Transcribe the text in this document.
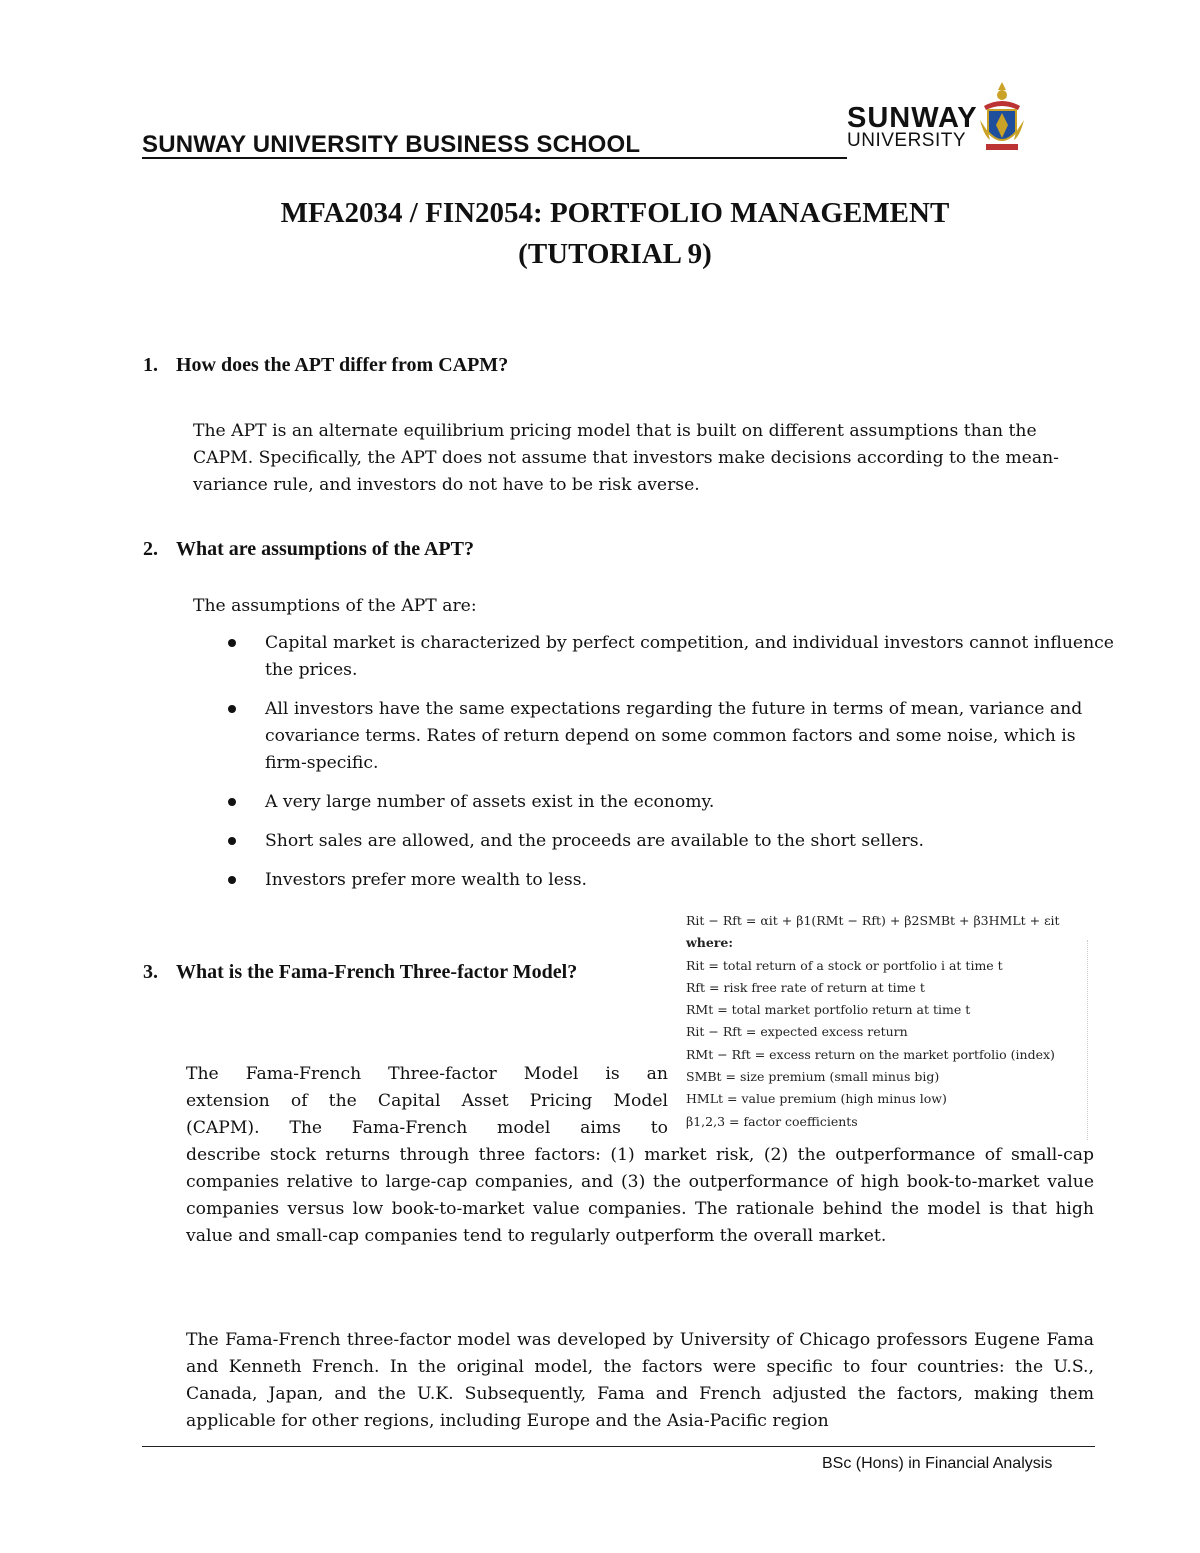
SUNWAY UNIVERSITY BUSINESS SCHOOL
SUNWAY
UNIVERSITY
MFA2034 / FIN2054: PORTFOLIO MANAGEMENT
(TUTORIAL 9)
1. How does the APT differ from CAPM?
The APT is an alternate equilibrium pricing model that is built on different assumptions than the CAPM. Specifically, the APT does not assume that investors make decisions according to the mean-variance rule, and investors do not have to be risk averse.
2. What are assumptions of the APT?
The assumptions of the APT are:
Capital market is characterized by perfect competition, and individual investors cannot influence the prices.
All investors have the same expectations regarding the future in terms of mean, variance and covariance terms. Rates of return depend on some common factors and some noise, which is firm-specific.
A very large number of assets exist in the economy.
Short sales are allowed, and the proceeds are available to the short sellers.
Investors prefer more wealth to less.
3. What is the Fama-French Three-factor Model?
Rit − Rft = αit + β1(RMt − Rft) + β2SMBt + β3HMLt + εit
where:
Rit = total return of a stock or portfolio i at time t
Rft = risk free rate of return at time t
RMt = total market portfolio return at time t
Rit − Rft = expected excess return
RMt − Rft = excess return on the market portfolio (index)
SMBt = size premium (small minus big)
HMLt = value premium (high minus low)
β1,2,3 = factor coefficients
The Fama-French Three-factor Model is an
extension of the Capital Asset Pricing Model
(CAPM). The Fama-French model aims to
describe stock returns through three factors: (1) market risk, (2) the outperformance of small-cap companies relative to large-cap companies, and (3) the outperformance of high book-to-market value companies versus low book-to-market value companies. The rationale behind the model is that high value and small-cap companies tend to regularly outperform the overall market.
The Fama-French three-factor model was developed by University of Chicago professors Eugene Fama and Kenneth French. In the original model, the factors were specific to four countries: the U.S., Canada, Japan, and the U.K. Subsequently, Fama and French adjusted the factors, making them applicable for other regions, including Europe and the Asia-Pacific region
BSc (Hons) in Financial Analysis
